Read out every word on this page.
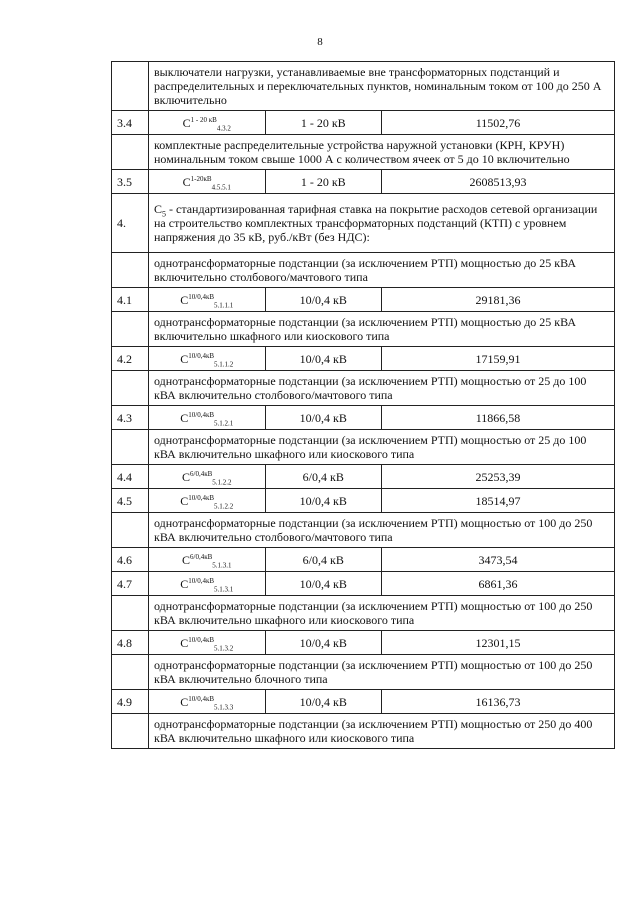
8
	выключатели нагрузки, устанавливаемые вне трансформаторных подстанций и распределительных и переключательных пунктов, номинальным током от 100 до 250 А включительно		
3.4	$C^{1 - 20 кВ}_{4.3.2}$	1 - 20 кВ	11502,76
	комплектные распределительные устройства наружной установки (КРН, КРУН) номинальным током свыше 1000 А с количеством ячеек от 5 до 10 включительно		
3.5	$C^{1-20кВ}_{4.5.5.1}$	1 - 20 кВ	2608513,93
4.	$C_5$ - стандартизированная тарифная ставка на покрытие расходов сетевой организации на строительство комплектных трансформаторных подстанций (КТП) с уровнем напряжения до 35 кВ, руб./кВт (без НДС):		
	однотрансформаторные подстанции (за исключением РТП) мощностью до 25 кВА включительно столбового/мачтового типа		
4.1	$C^{10/0,4кВ}_{5.1.1.1}$	10/0,4 кВ	29181,36
	однотрансформаторные подстанции (за исключением РТП) мощностью до 25 кВА включительно шкафного или киоскового типа		
4.2	$C^{10/0,4кВ}_{5.1.1.2}$	10/0,4 кВ	17159,91
	однотрансформаторные подстанции (за исключением РТП) мощностью от 25 до 100 кВА включительно столбового/мачтового типа		
4.3	$C^{10/0,4кВ}_{5.1.2.1}$	10/0,4 кВ	11866,58
	однотрансформаторные подстанции (за исключением РТП) мощностью от 25 до 100 кВА включительно шкафного или киоскового типа		
4.4	$C^{6/0,4кВ}_{5.1.2.2}$	6/0,4 кВ	25253,39
4.5	$C^{10/0,4кВ}_{5.1.2.2}$	10/0,4 кВ	18514,97
	однотрансформаторные подстанции (за исключением РТП) мощностью от 100 до 250 кВА включительно столбового/мачтового типа		
4.6	$C^{6/0,4кВ}_{5.1.3.1}$	6/0,4 кВ	3473,54
4.7	$C^{10/0,4кВ}_{5.1.3.1}$	10/0,4 кВ	6861,36
	однотрансформаторные подстанции (за исключением РТП) мощностью от 100 до 250 кВА включительно шкафного или киоскового типа		
4.8	$C^{10/0,4кВ}_{5.1.3.2}$	10/0,4 кВ	12301,15
	однотрансформаторные подстанции (за исключением РТП) мощностью от 100 до 250 кВА включительно блочного типа		
4.9	$C^{10/0,4кВ}_{5.1.3.3}$	10/0,4 кВ	16136,73
	однотрансформаторные подстанции (за исключением РТП) мощностью от 250 до 400 кВА включительно шкафного или киоскового типа		
